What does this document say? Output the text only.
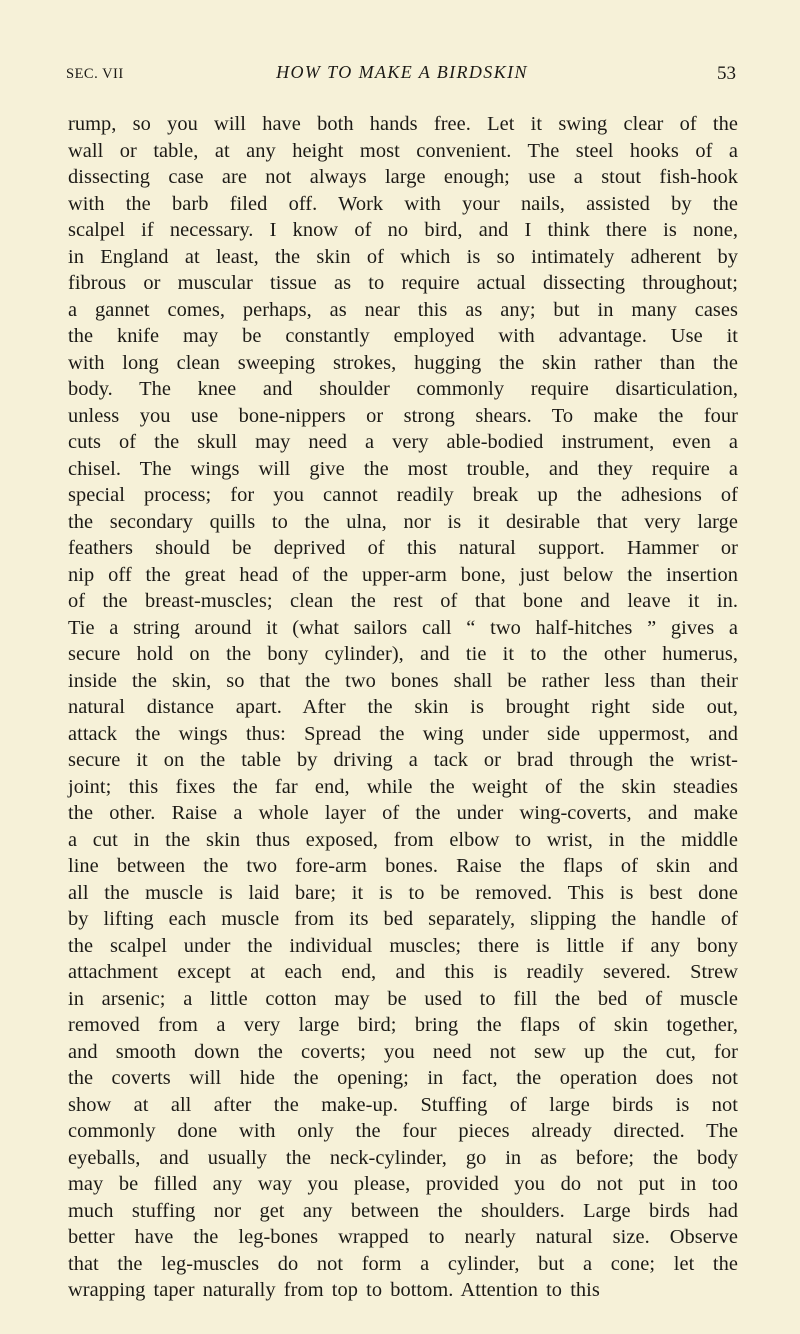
SEC. VII	HOW TO MAKE A BIRDSKIN	53
rump, so you will have both hands free. Let it swing clear of the
wall or table, at any height most convenient. The steel hooks of a
dissecting case are not always large enough; use a stout fish-hook
with the barb filed off. Work with your nails, assisted by the
scalpel if necessary. I know of no bird, and I think there is none,
in England at least, the skin of which is so intimately adherent by
fibrous or muscular tissue as to require actual dissecting throughout;
a gannet comes, perhaps, as near this as any; but in many cases
the knife may be constantly employed with advantage. Use it
with long clean sweeping strokes, hugging the skin rather than the
body. The knee and shoulder commonly require disarticulation,
unless you use bone-nippers or strong shears. To make the four
cuts of the skull may need a very able-bodied instrument, even a
chisel. The wings will give the most trouble, and they require a
special process; for you cannot readily break up the adhesions of
the secondary quills to the ulna, nor is it desirable that very large
feathers should be deprived of this natural support. Hammer or
nip off the great head of the upper-arm bone, just below the insertion
of the breast-muscles; clean the rest of that bone and leave it in.
Tie a string around it (what sailors call “ two half-hitches ” gives a
secure hold on the bony cylinder), and tie it to the other humerus,
inside the skin, so that the two bones shall be rather less than their
natural distance apart. After the skin is brought right side out,
attack the wings thus: Spread the wing under side uppermost, and
secure it on the table by driving a tack or brad through the wrist-
joint; this fixes the far end, while the weight of the skin steadies
the other. Raise a whole layer of the under wing-coverts, and make
a cut in the skin thus exposed, from elbow to wrist, in the middle
line between the two fore-arm bones. Raise the flaps of skin and
all the muscle is laid bare; it is to be removed. This is best done
by lifting each muscle from its bed separately, slipping the handle of
the scalpel under the individual muscles; there is little if any bony
attachment except at each end, and this is readily severed. Strew
in arsenic; a little cotton may be used to fill the bed of muscle
removed from a very large bird; bring the flaps of skin together,
and smooth down the coverts; you need not sew up the cut, for
the coverts will hide the opening; in fact, the operation does not
show at all after the make-up. Stuffing of large birds is not
commonly done with only the four pieces already directed. The
eyeballs, and usually the neck-cylinder, go in as before; the body
may be filled any way you please, provided you do not put in too
much stuffing nor get any between the shoulders. Large birds had
better have the leg-bones wrapped to nearly natural size. Observe
that the leg-muscles do not form a cylinder, but a cone; let the
wrapping taper naturally from top to bottom. Attention to this
